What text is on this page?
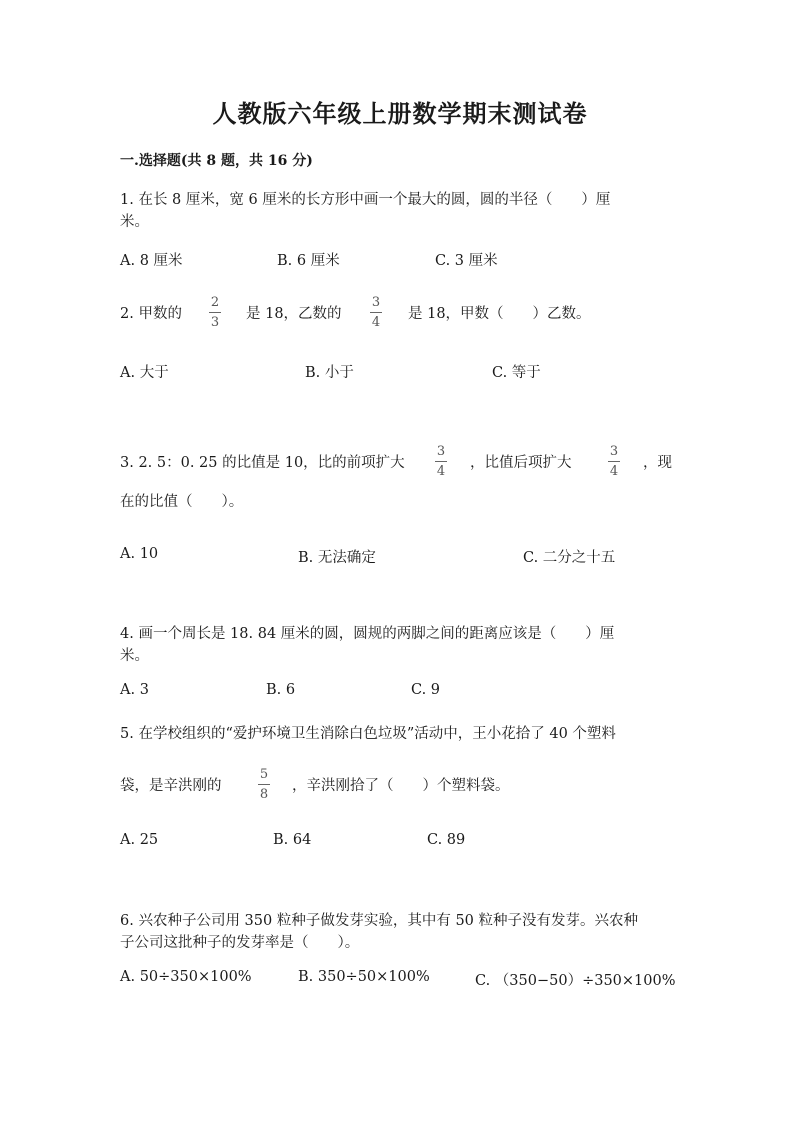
人教版六年级上册数学期末测试卷
一.选择题(共 8 题，共 16 分)
1. 在长 8 厘米，宽 6 厘米的长方形中画一个最大的圆，圆的半径（　　）厘
米。
A. 8 厘米	B. 6 厘米	C. 3 厘米
2. 甲数的
2
3
是 18，乙数的
3
4
是 18，甲数（　　）乙数。
A. 大于	B. 小于	C. 等于
3. 2. 5：0. 25 的比值是 10，比的前项扩大
3
4
，比值后项扩大
3
4
，现
在的比值（　　）。
A. 10	B. 无法确定	C. 二分之十五
4. 画一个周长是 18. 84 厘米的圆，圆规的两脚之间的距离应该是（　　）厘
米。
A. 3	B. 6	C. 9
5. 在学校组织的“爱护环境卫生消除白色垃圾”活动中，王小花拾了 40 个塑料
袋，是辛洪刚的
5
8
，辛洪刚拾了（　　）个塑料袋。
A. 25	B. 64	C. 89
6. 兴农种子公司用 350 粒种子做发芽实验，其中有 50 粒种子没有发芽。兴农种
子公司这批种子的发芽率是（　　）。
A. 50÷350×100%	B. 350÷50×100%	C. （350−50）÷350×100%
